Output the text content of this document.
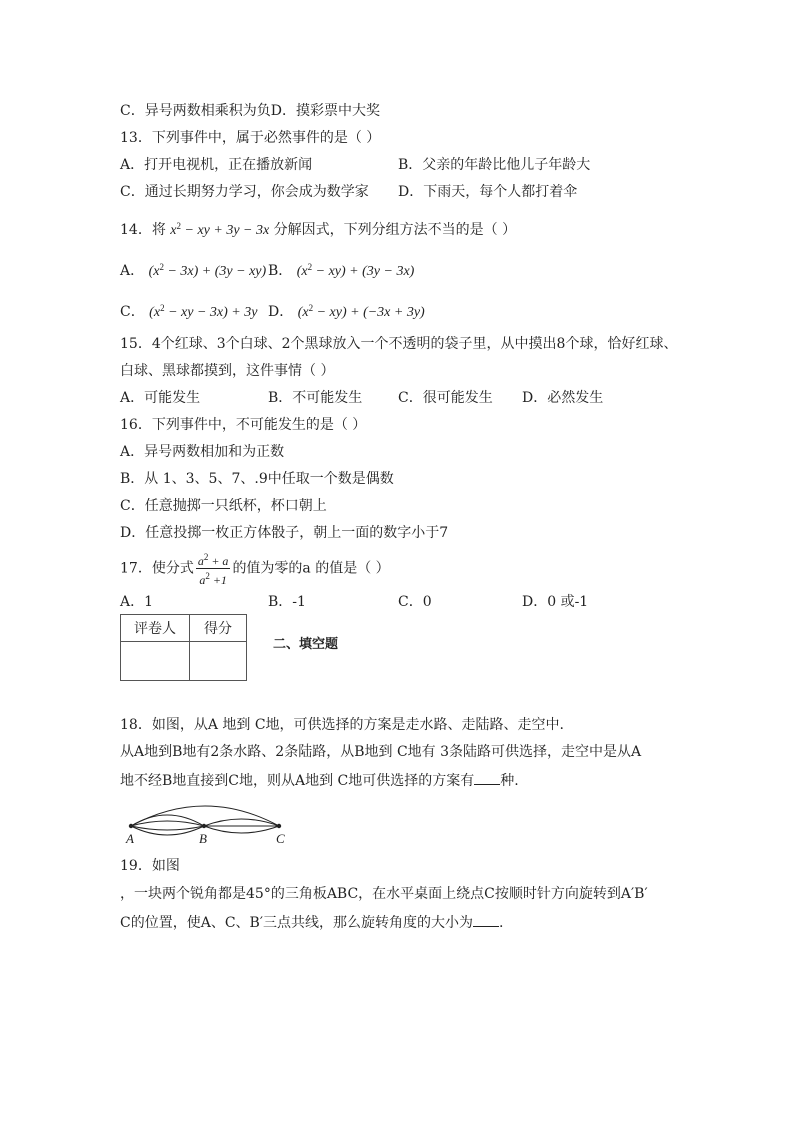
C．异号两数相乘积为负D．摸彩票中大奖
13．下列事件中，属于必然事件的是（ ）
A．打开电视机，正在播放新闻	B．父亲的年龄比他儿子年龄大
C．通过长期努力学习，你会成为数学家 D．下雨天，每个人都打着伞
14．将 $x^2$ − xy + 3y − 3x 分解因式，下列分组方法不当的是（ ）
A． $(x^2 - 3x) + (3y - xy)$ B． $(x^2 - xy) + (3y - 3x)$
C． ($x^2$ − xy − 3x) + 3y D． $(x^2 - xy) + (-3x + 3y)$
15．4个红球、3个白球、2个黑球放入一个不透明的袋子里，从中摸出8个球，恰好红球、
白球、黑球都摸到，这件事情（ ）
A．可能发生	B．不可能发生	C．很可能发生 D．必然发生
16．下列事件中，不可能发生的是（ ）
A．异号两数相加和为正数
B．从 1、3、5、7、.9中任取一个数是偶数
C．任意抛掷一只纸杯，杯口朝上
D．任意投掷一枚正方体骰子，朝上一面的数字小于7
17．使分式 $\frac{a^2 + a}{a^2 +1}$ 的值为零的a 的值是（ ）
A．1	B．-1	C．0	D．0 或-1
评卷人	得分

二、填空题
18．如图，从A 地到 C地，可供选择的方案是走水路、走陆路、走空中.
从A地到B地有2条水路、2条陆路，从B地到 C地有 3条陆路可供选择，走空中是从A
地不经B地直接到C地，则从A地到 C地可供选择的方案有 种.
A	B	C
19．如图
，一块两个锐角都是45°的三角板ABC，在水平桌面上绕点C按顺时针方向旋转到A′B′
C的位置，使A、C、B′三点共线，那么旋转角度的大小为 .
